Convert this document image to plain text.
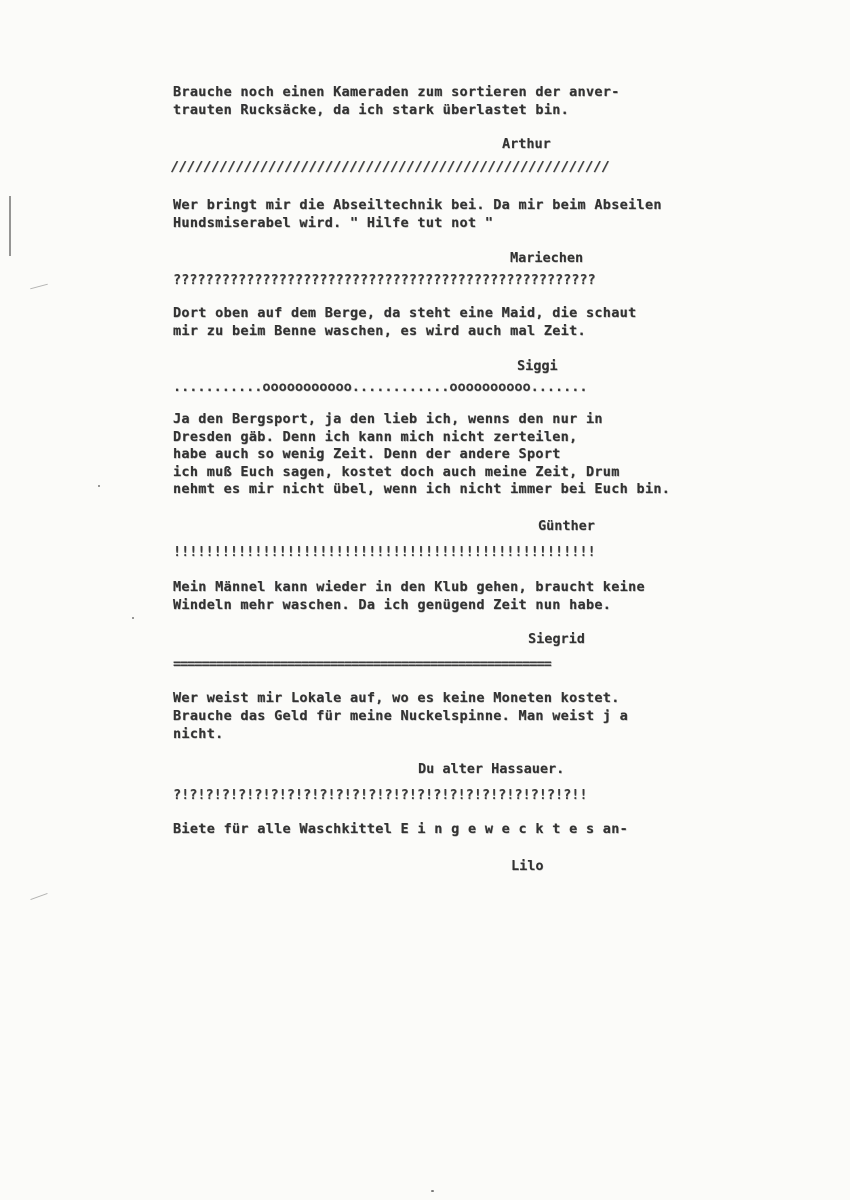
Brauche noch einen Kameraden zum sortieren der anver-
trauten Rucksäcke, da ich stark überlastet bin.
Arthur
//////////////////////////////////////////////////////
Wer bringt mir die Abseiltechnik bei. Da mir beim Abseilen
Hundsmiserabel wird. " Hilfe tut not "
Mariechen
????????????????????????????????????????????????????
Dort oben auf dem Berge, da steht eine Maid, die schaut
mir zu beim Benne waschen, es wird auch mal Zeit.
Siggi
...........ooooooooooo............oooooooooo.......
Ja den Bergsport, ja den lieb ich, wenns den nur in
Dresden gäb. Denn ich kann mich nicht zerteilen,
habe auch so wenig Zeit. Denn der andere Sport
ich muß Euch sagen, kostet doch auch meine Zeit, Drum
nehmt es mir nicht übel, wenn ich nicht immer bei Euch bin.
Günther
!!!!!!!!!!!!!!!!!!!!!!!!!!!!!!!!!!!!!!!!!!!!!!!!!!!!
Mein Männel kann wieder in den Klub gehen, braucht keine
Windeln mehr waschen. Da ich genügend Zeit nun habe.
Siegrid
=====================================================
Wer weist mir Lokale auf, wo es keine Moneten kostet.
Brauche das Geld für meine Nuckelspinne. Man weist j a
nicht.
Du alter Hassauer.
?!?!?!?!?!?!?!?!?!?!?!?!?!?!?!?!?!?!?!?!?!?!?!?!?!!
Biete für alle Waschkittel E i n g e w e c k t e s an-
Lilo
